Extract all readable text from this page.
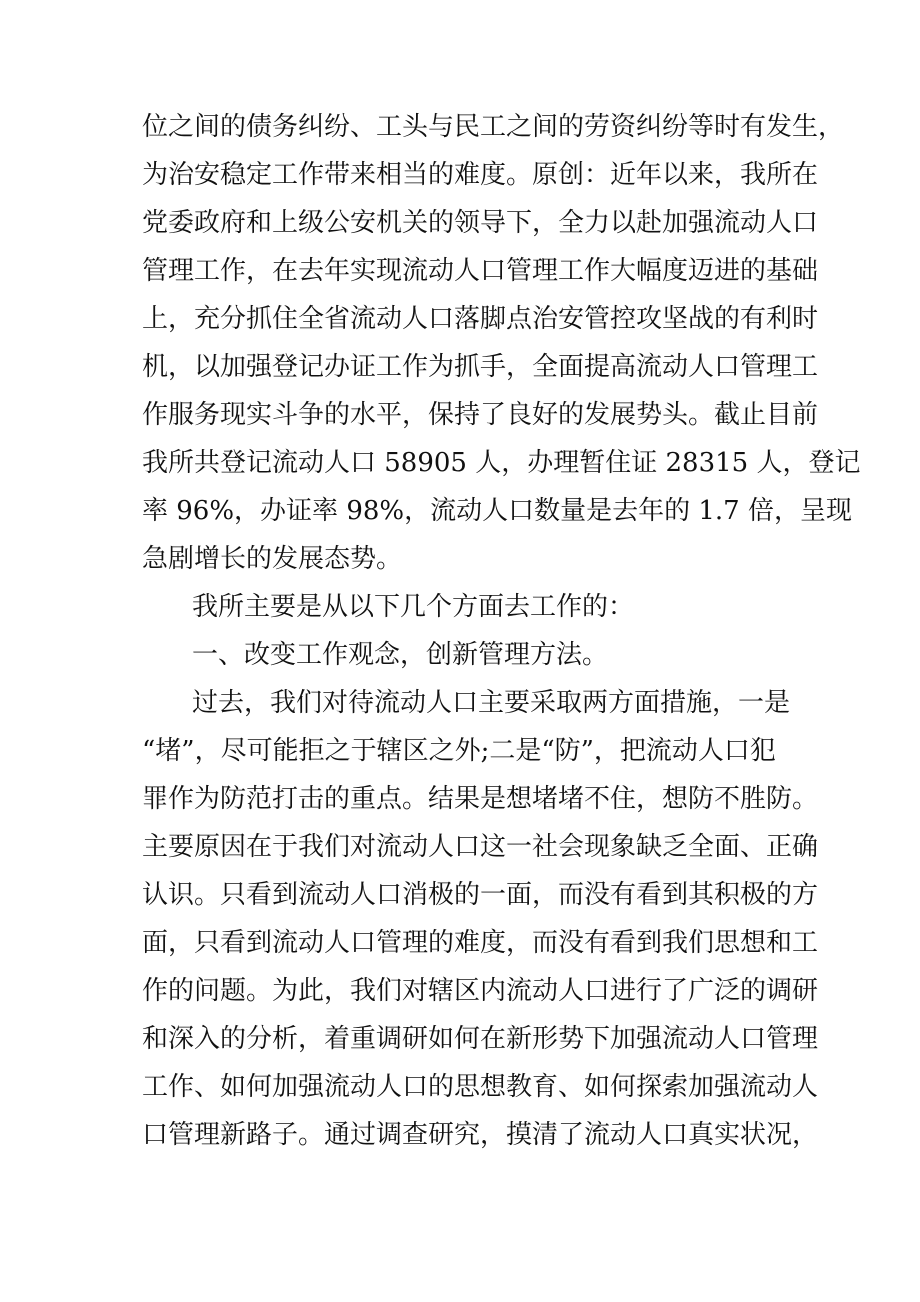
位之间的债务纠纷、工头与民工之间的劳资纠纷等时有发生，
为治安稳定工作带来相当的难度。原创：近年以来，我所在
党委政府和上级公安机关的领导下，全力以赴加强流动人口
管理工作，在去年实现流动人口管理工作大幅度迈进的基础
上，充分抓住全省流动人口落脚点治安管控攻坚战的有利时
机，以加强登记办证工作为抓手，全面提高流动人口管理工
作服务现实斗争的水平，保持了良好的发展势头。截止目前
我所共登记流动人口 58905 人，办理暂住证 28315 人，登记
率 96%，办证率 98%，流动人口数量是去年的 1.7 倍，呈现
急剧增长的发展态势。
我所主要是从以下几个方面去工作的：
一、改变工作观念，创新管理方法。
过去，我们对待流动人口主要采取两方面措施，一是
“堵”，尽可能拒之于辖区之外;二是“防”，把流动人口犯
罪作为防范打击的重点。结果是想堵堵不住，想防不胜防。
主要原因在于我们对流动人口这一社会现象缺乏全面、正确
认识。只看到流动人口消极的一面，而没有看到其积极的方
面，只看到流动人口管理的难度，而没有看到我们思想和工
作的问题。为此，我们对辖区内流动人口进行了广泛的调研
和深入的分析，着重调研如何在新形势下加强流动人口管理
工作、如何加强流动人口的思想教育、如何探索加强流动人
口管理新路子。通过调查研究，摸清了流动人口真实状况，
